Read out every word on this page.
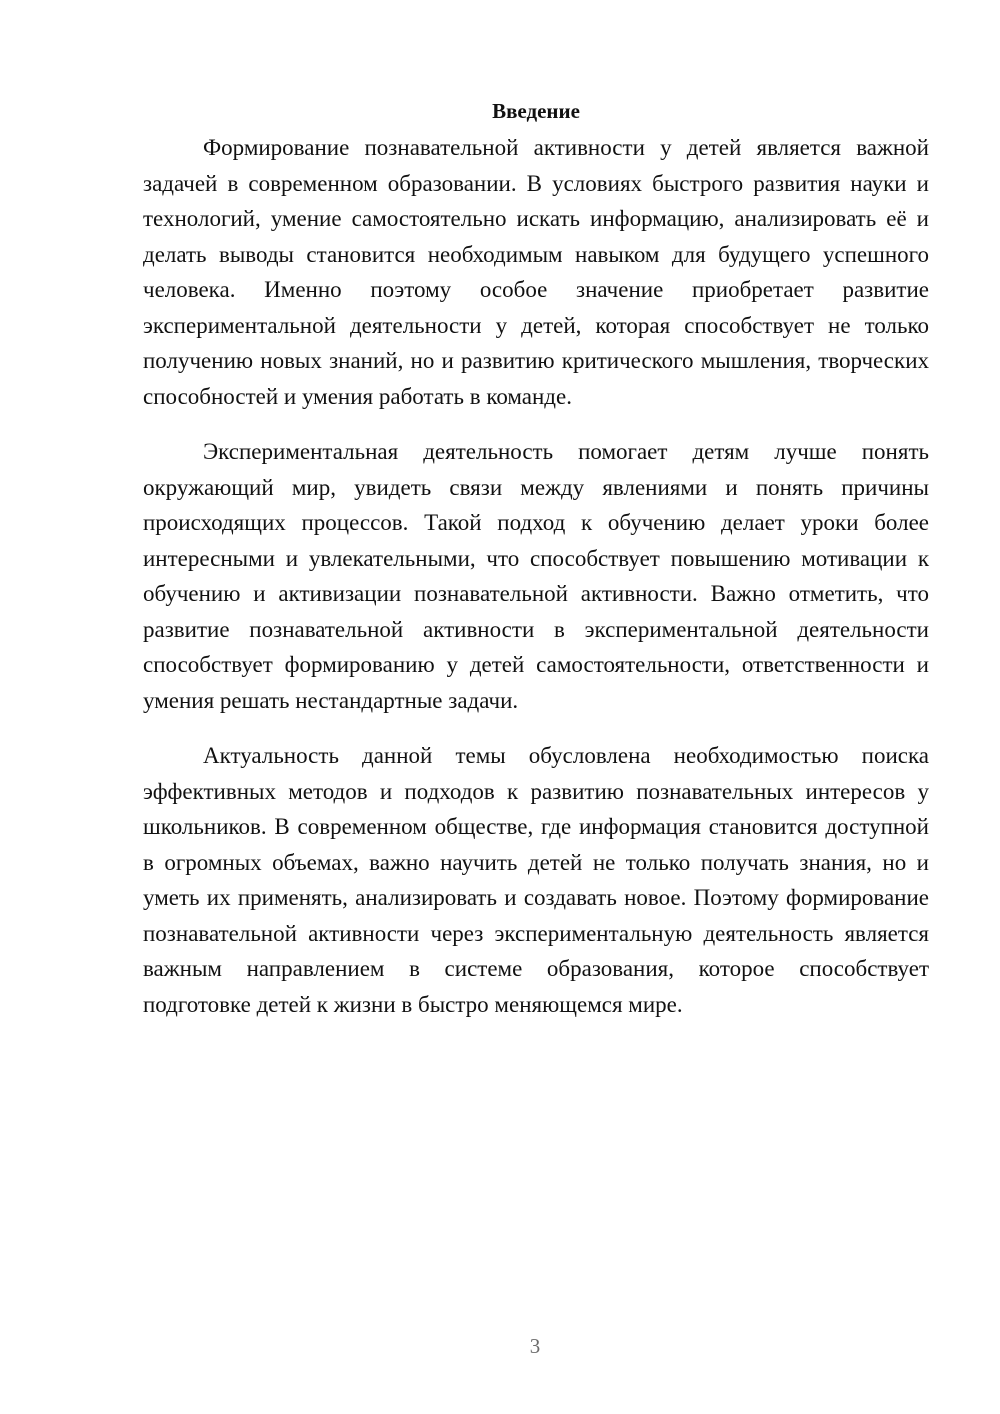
Введение

Формирование познавательной активности у детей является важной задачей в современном образовании. В условиях быстрого развития науки и технологий, умение самостоятельно искать информацию, анализировать её и делать выводы становится необходимым навыком для будущего успешного человека. Именно поэтому особое значение приобретает развитие экспериментальной деятельности у детей, которая способствует не только получению новых знаний, но и развитию критического мышления, творческих способностей и умения работать в команде.

Экспериментальная деятельность помогает детям лучше понять окружающий мир, увидеть связи между явлениями и понять причины происходящих процессов. Такой подход к обучению делает уроки более интересными и увлекательными, что способствует повышению мотивации к обучению и активизации познавательной активности. Важно отметить, что развитие познавательной активности в экспериментальной деятельности способствует формированию у детей самостоятельности, ответственности и умения решать нестандартные задачи.

Актуальность данной темы обусловлена необходимостью поиска эффективных методов и подходов к развитию познавательных интересов у школьников. В современном обществе, где информация становится доступной в огромных объемах, важно научить детей не только получать знания, но и уметь их применять, анализировать и создавать новое. Поэтому формирование познавательной активности через экспериментальную деятельность является важным направлением в системе образования, которое способствует подготовке детей к жизни в быстро меняющемся мире.

3
